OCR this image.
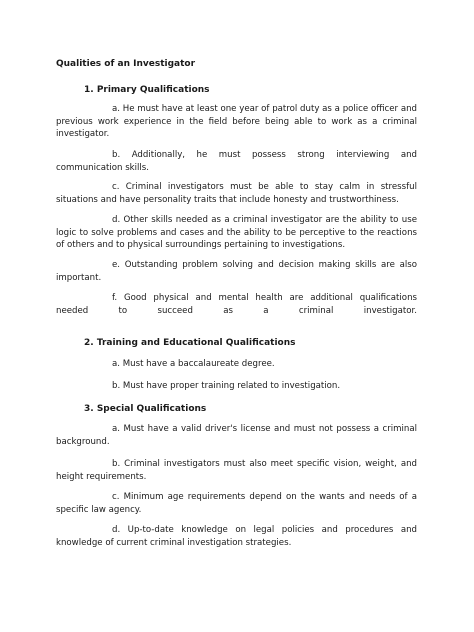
Qualities of an Investigator
1. Primary Qualifications
a. He must have at least one year of patrol duty as a police officer and previous work experience in the field before being able to work as a criminal investigator.
b. Additionally, he must possess strong interviewing and communication skills.
c. Criminal investigators must be able to stay calm in stressful situations and have personality traits that include honesty and trustworthiness.
d. Other skills needed as a criminal investigator are the ability to use logic to solve problems and cases and the ability to be perceptive to the reactions of others and to physical surroundings pertaining to investigations.
e. Outstanding problem solving and decision making skills are also important.
f. Good physical and mental health are additional qualifications needed to succeed as a criminal investigator.
2. Training and Educational Qualifications
a. Must have a baccalaureate degree.
b. Must have proper training related to investigation.
3. Special Qualifications
a. Must have a valid driver's license and must not possess a criminal background.
b. Criminal investigators must also meet specific vision, weight, and height requirements.
c. Minimum age requirements depend on the wants and needs of a specific law agency.
d. Up-to-date knowledge on legal policies and procedures and knowledge of current criminal investigation strategies.
